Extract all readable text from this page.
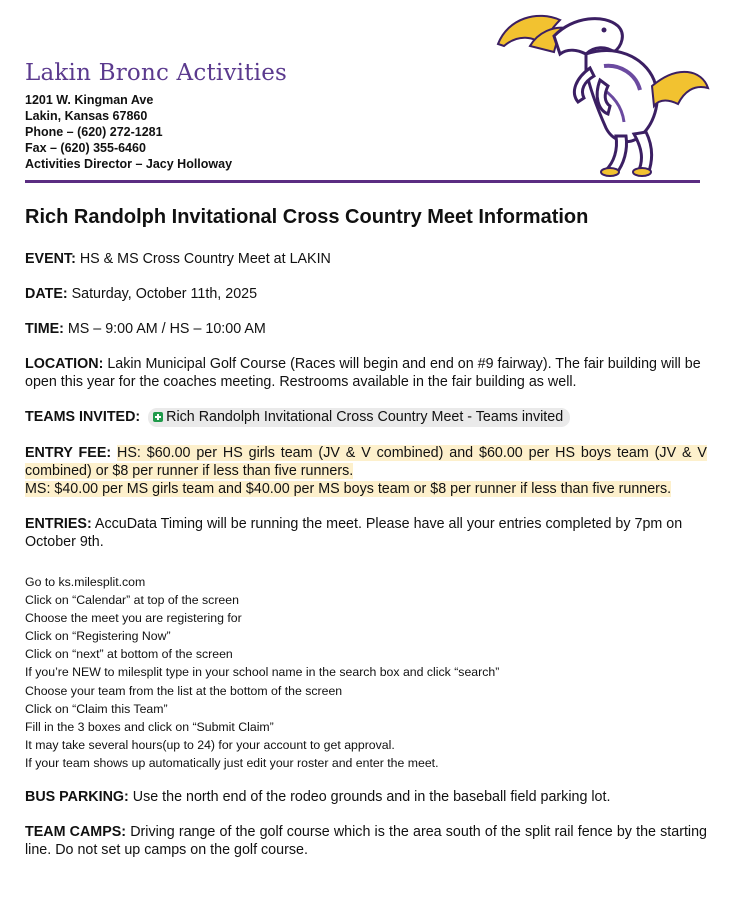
Lakin Bronc Activities
1201 W. Kingman Ave
Lakin, Kansas 67860
Phone – (620) 272-1281
Fax – (620) 355-6460
Activities Director – Jacy Holloway
Rich Randolph Invitational Cross Country Meet Information
EVENT: HS & MS Cross Country Meet at LAKIN
DATE: Saturday, October 11th, 2025
TIME: MS – 9:00 AM / HS – 10:00 AM
LOCATION: Lakin Municipal Golf Course (Races will begin and end on #9 fairway). The fair building will be open this year for the coaches meeting. Restrooms available in the fair building as well.
TEAMS INVITED: Rich Randolph Invitational Cross Country Meet - Teams invited
ENTRY FEE: HS: $60.00 per HS girls team (JV & V combined) and $60.00 per HS boys team (JV & V combined) or $8 per runner if less than five runners.
MS: $40.00 per MS girls team and $40.00 per MS boys team or $8 per runner if less than five runners.
ENTRIES: AccuData Timing will be running the meet. Please have all your entries completed by 7pm on October 9th.
Go to ks.milesplit.com
Click on “Calendar” at top of the screen
Choose the meet you are registering for
Click on “Registering Now”
Click on “next” at bottom of the screen
If you’re NEW to milesplit type in your school name in the search box and click “search”
Choose your team from the list at the bottom of the screen
Click on “Claim this Team”
Fill in the 3 boxes and click on “Submit Claim”
It may take several hours(up to 24) for your account to get approval.
If your team shows up automatically just edit your roster and enter the meet.
BUS PARKING: Use the north end of the rodeo grounds and in the baseball field parking lot.
TEAM CAMPS: Driving range of the golf course which is the area south of the split rail fence by the starting line. Do not set up camps on the golf course.
